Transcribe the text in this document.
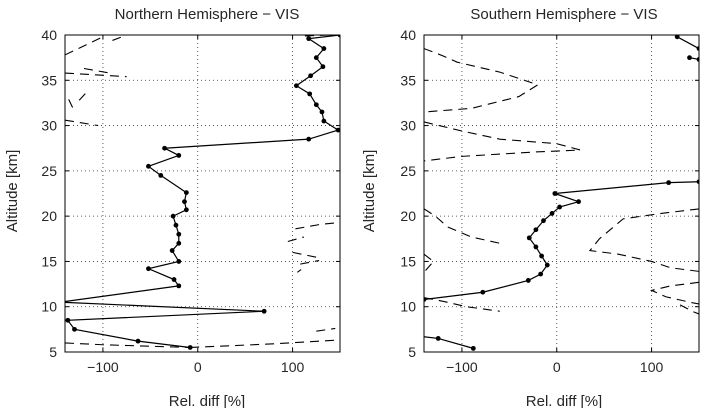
Northern Hemisphere − VIS
Rel. diff [%]
Altitude [km]
−100	0	100
5
10
15
20
25
30
35
40
Southern Hemisphere − VIS
Rel. diff [%]
Altitude [km]
−100	0	100
5
10
15
20
25
30
35
40
